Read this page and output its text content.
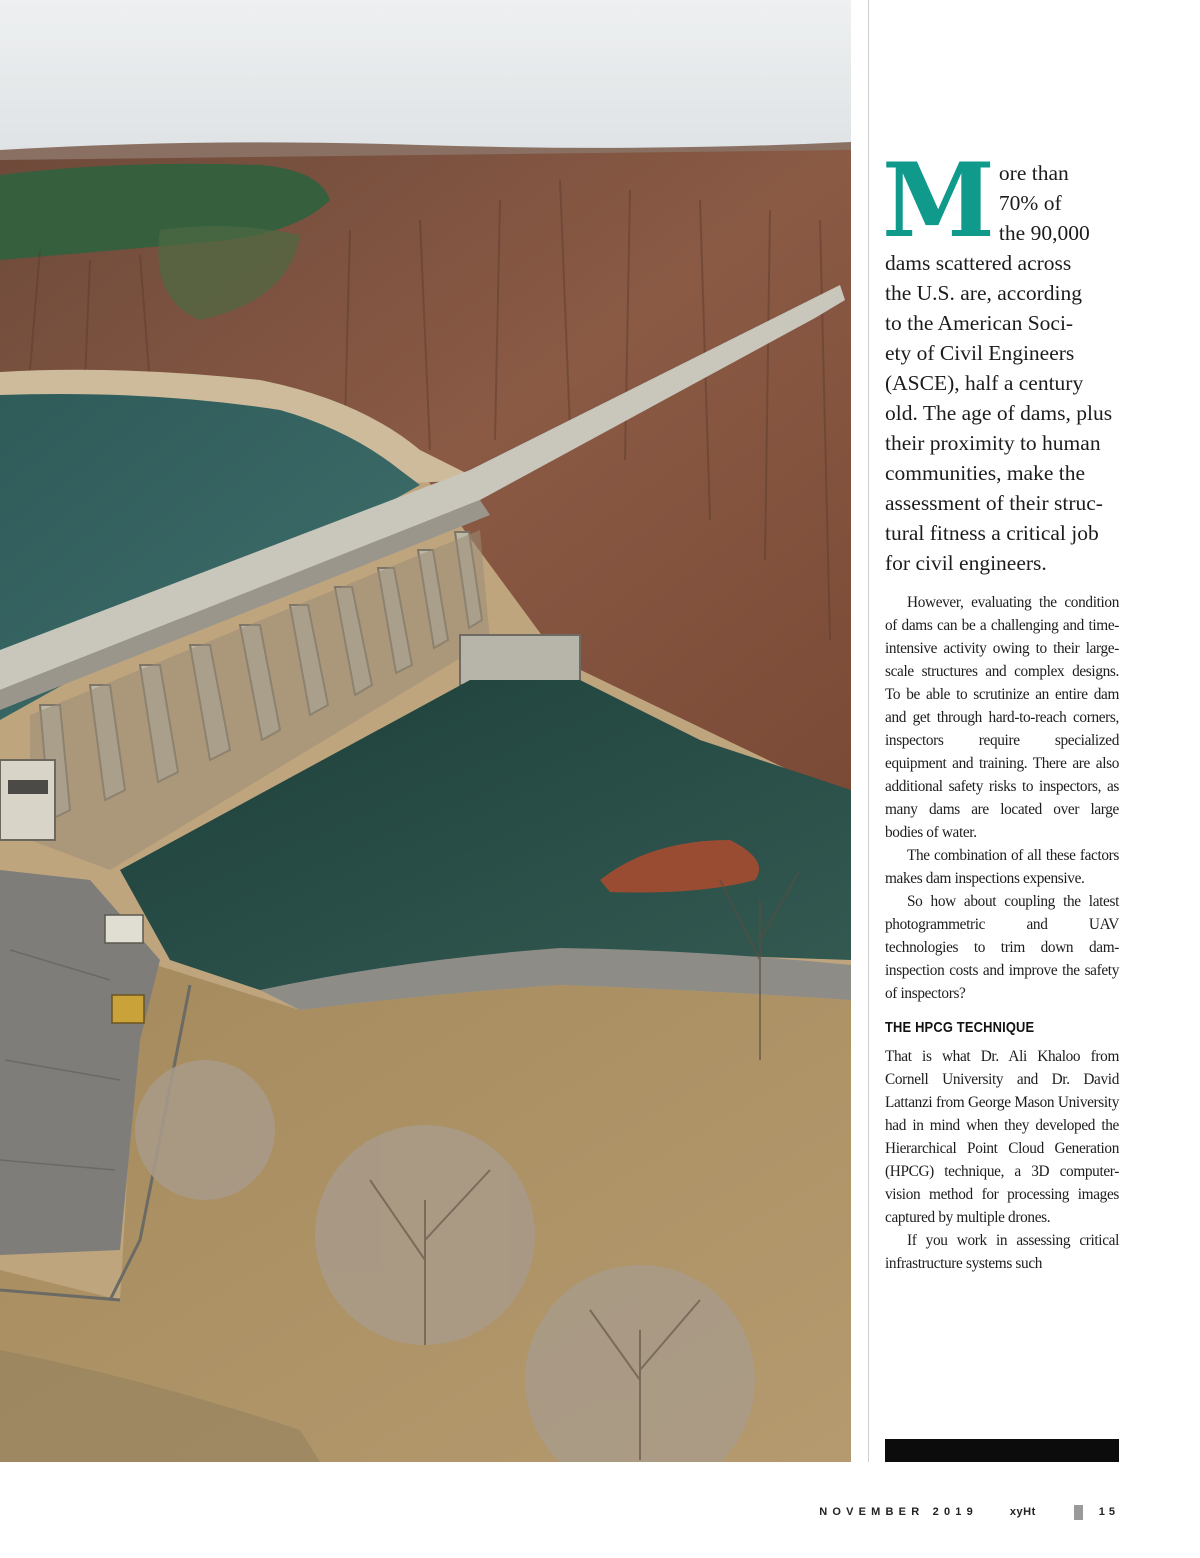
More than
70% of
the 90,000
dams scattered across
the U.S. are, according
to the American Soci-
ety of Civil Engineers
(ASCE), half a century
old. The age of dams, plus
their proximity to human
communities, make the
assessment of their struc-
tural fitness a critical job
for civil engineers.

However, evaluating the condition of dams can be a challenging and time-intensive activity owing to their large-scale structures and complex designs. To be able to scrutinize an entire dam and get through hard-to-reach corners, inspectors require specialized equipment and training. There are also additional safety risks to inspectors, as many dams are located over large bodies of water.

The combination of all these factors makes dam inspections expensive.

So how about coupling the latest photogrammetric and UAV technologies to trim down dam-inspection costs and improve the safety of inspectors?

THE HPCG TECHNIQUE

That is what Dr. Ali Khaloo from Cornell University and Dr. David Lattanzi from George Mason University had in mind when they developed the Hierarchical Point Cloud Generation (HPCG) technique, a 3D computer-vision method for processing images captured by multiple drones.

If you work in assessing critical infrastructure systems such

NOVEMBER 2019	xyHt	15
